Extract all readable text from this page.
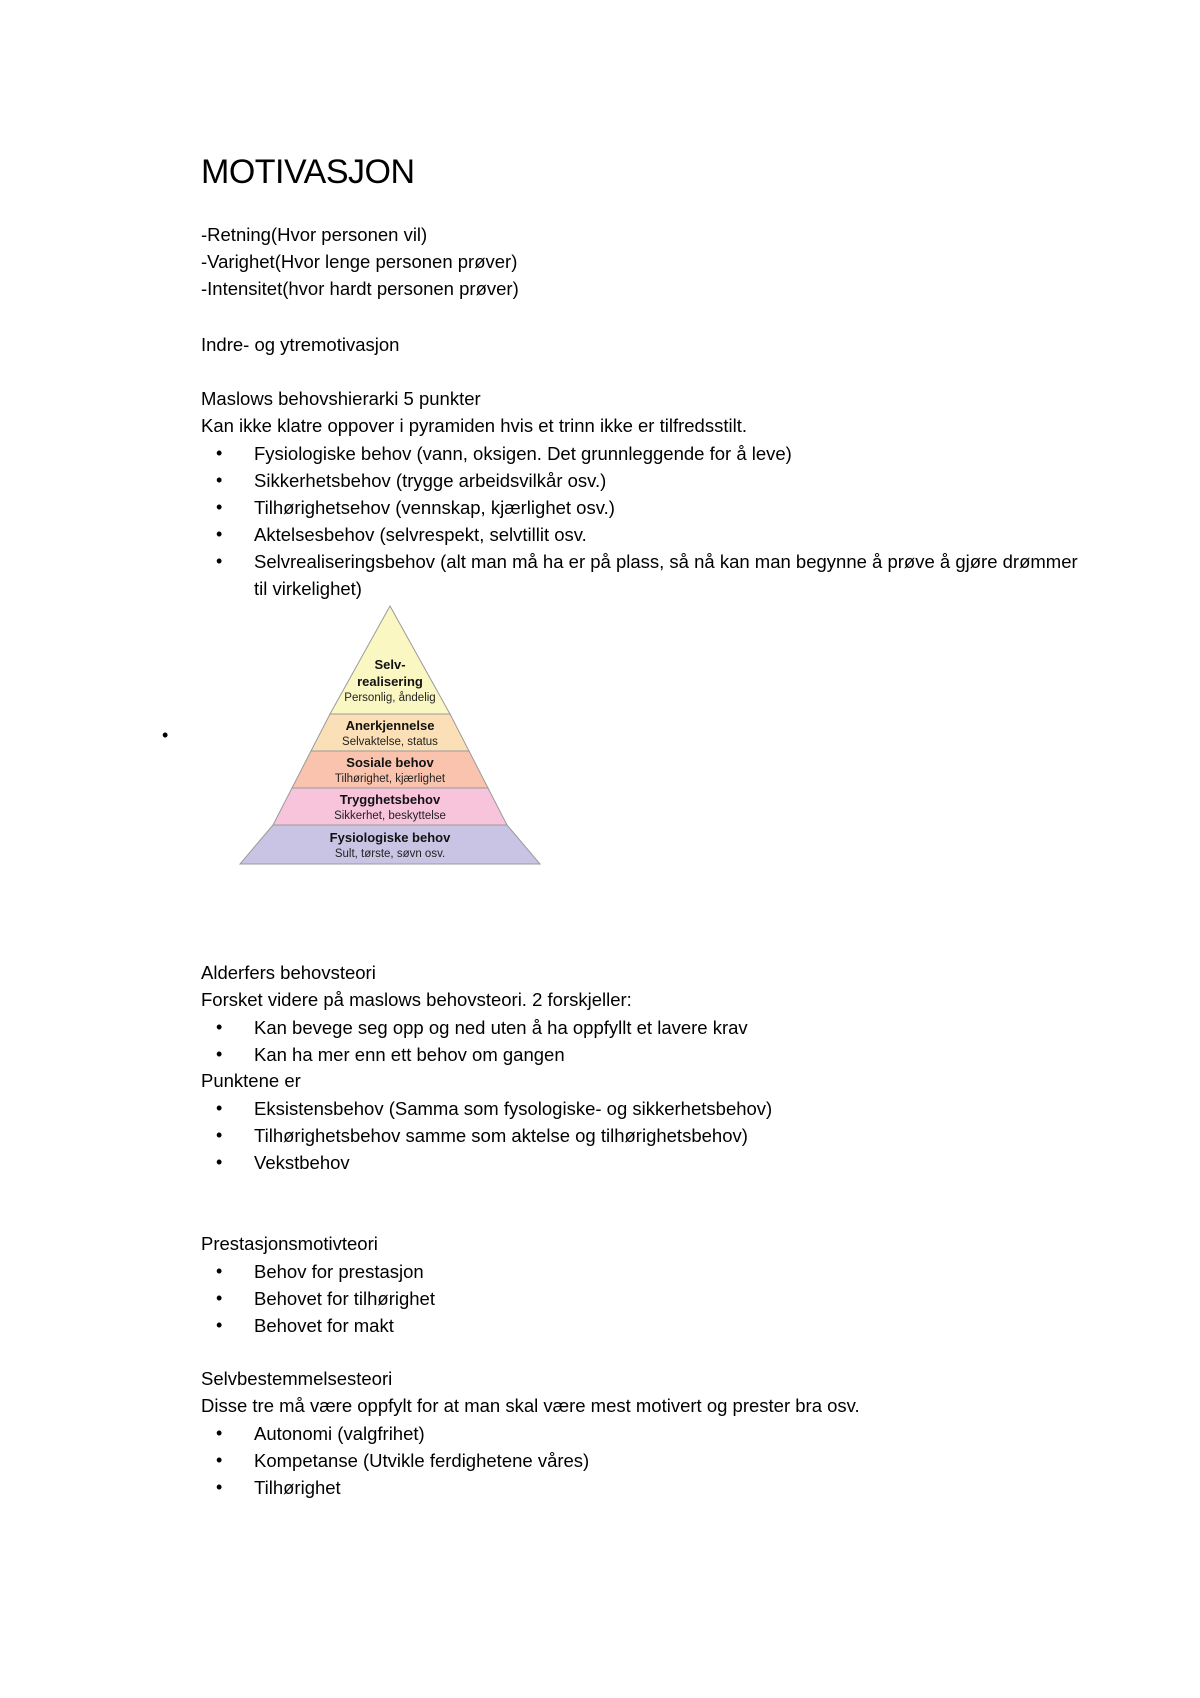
MOTIVASJON
-Retning(Hvor personen vil)
-Varighet(Hvor lenge personen prøver)
-Intensitet(hvor hardt personen prøver)
Indre- og ytremotivasjon
Maslows behovshierarki 5 punkter
Kan ikke klatre oppover i pyramiden hvis et trinn ikke er tilfredsstilt.
• Fysiologiske behov (vann, oksigen. Det grunnleggende for å leve)
• Sikkerhetsbehov (trygge arbeidsvilkår osv.)
• Tilhørighetsehov (vennskap, kjærlighet osv.)
• Aktelsesbehov (selvrespekt, selvtillit osv.
• Selvrealiseringsbehov (alt man må ha er på plass, så nå kan man begynne å prøve å gjøre drømmer til virkelighet)
•
Selv-
realisering
Personlig, åndelig
Anerkjennelse
Selvaktelse, status
Sosiale behov
Tilhørighet, kjærlighet
Trygghetsbehov
Sikkerhet, beskyttelse
Fysiologiske behov
Sult, tørste, søvn osv.
Alderfers behovsteori
Forsket videre på maslows behovsteori. 2 forskjeller:
• Kan bevege seg opp og ned uten å ha oppfyllt et lavere krav
• Kan ha mer enn ett behov om gangen
Punktene er
• Eksistensbehov (Samma som fysologiske- og sikkerhetsbehov)
• Tilhørighetsbehov samme som aktelse og tilhørighetsbehov)
• Vekstbehov
Prestasjonsmotivteori
• Behov for prestasjon
• Behovet for tilhørighet
• Behovet for makt
Selvbestemmelsesteori
Disse tre må være oppfylt for at man skal være mest motivert og prester bra osv.
• Autonomi (valgfrihet)
• Kompetanse (Utvikle ferdighetene våres)
• Tilhørighet
